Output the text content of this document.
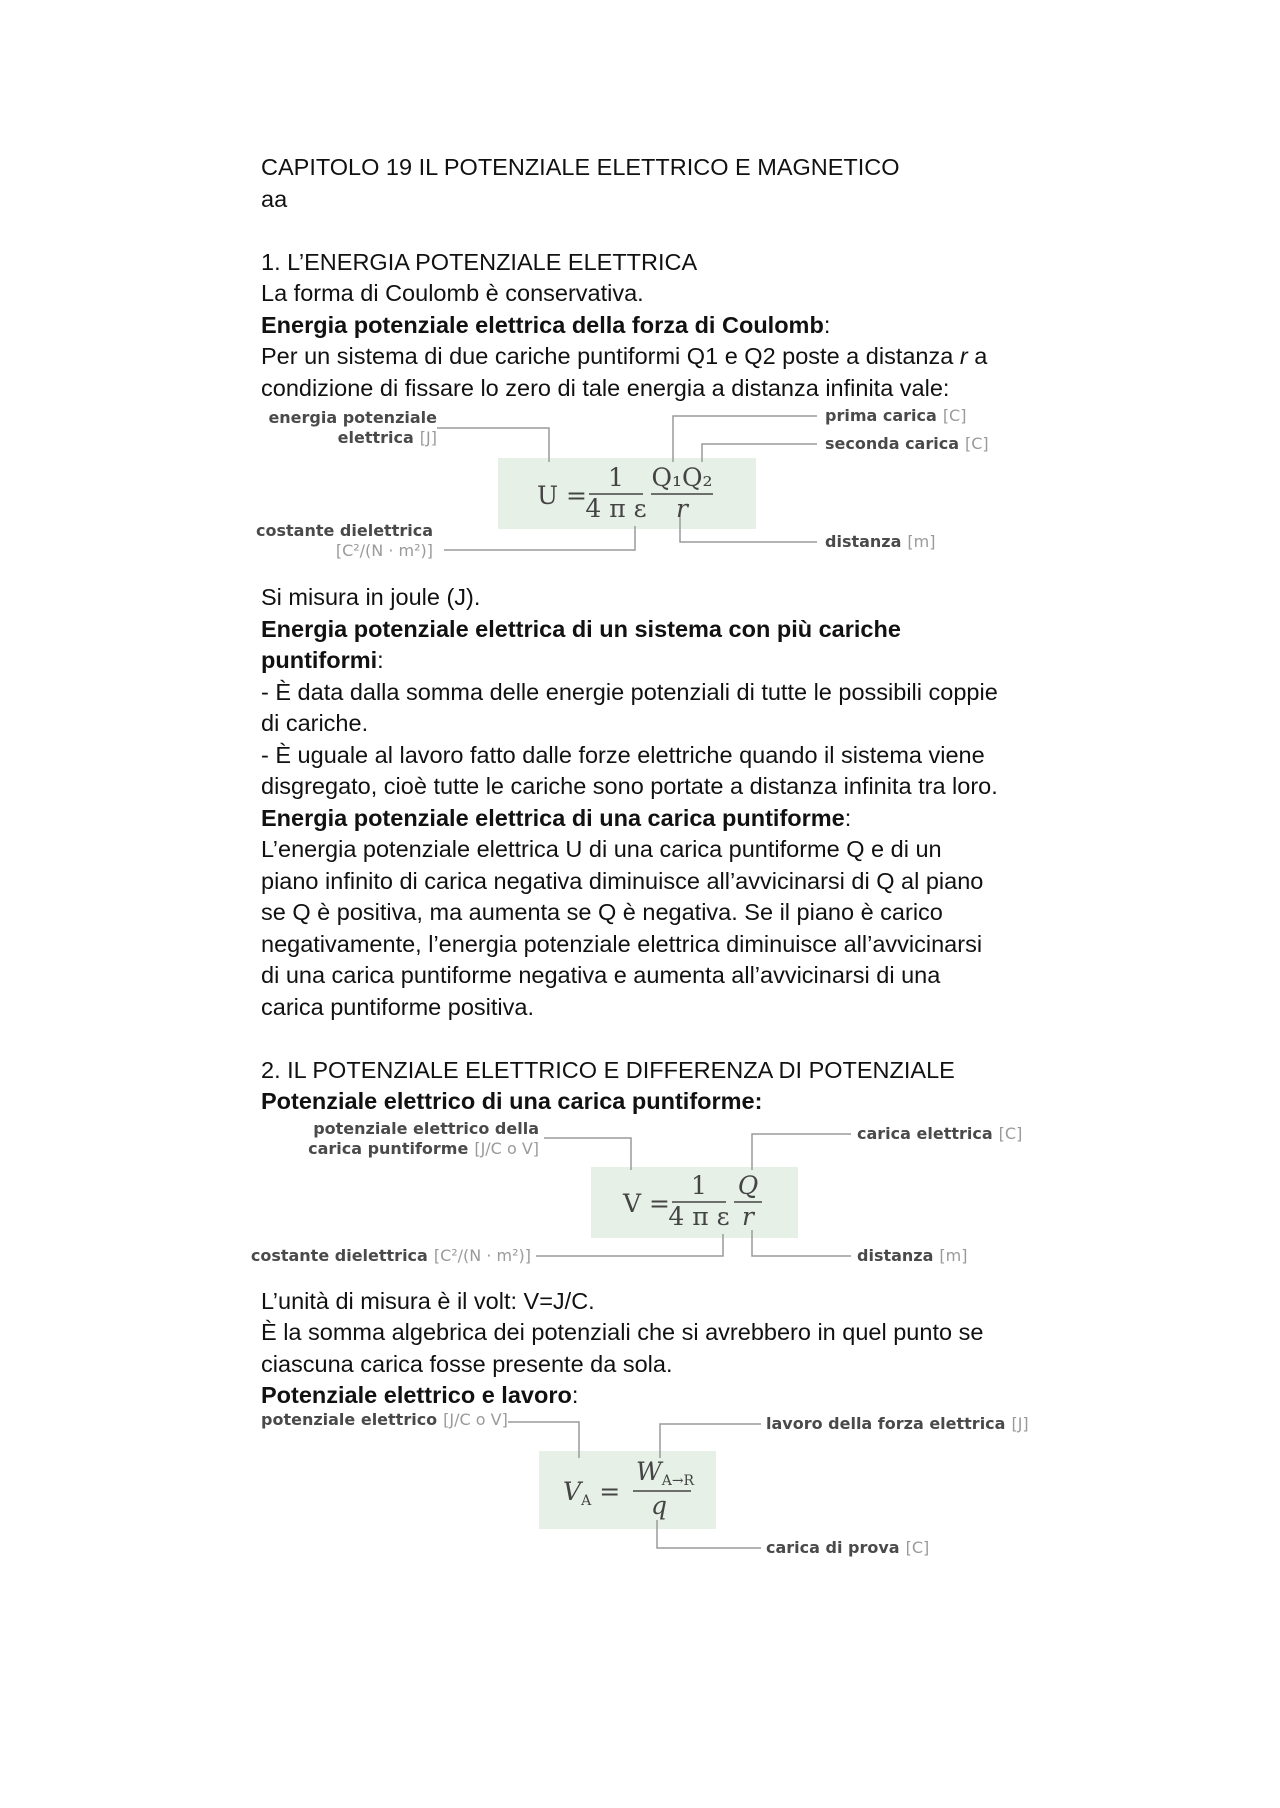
CAPITOLO 19 IL POTENZIALE ELETTRICO E MAGNETICO
aa
1. L’ENERGIA POTENZIALE ELETTRICA
La forma di Coulomb è conservativa.
Energia potenziale elettrica della forza di Coulomb:
Per un sistema di due cariche puntiformi Q1 e Q2 poste a distanza r a
condizione di fissare lo zero di tale energia a distanza infinita vale:
energia potenziale
elettrica [J]
prima carica [C]
seconda carica [C]
costante dielettrica
[C²/(N · m²)]	distanza [m]
U =
1
4 π ε
Q₁Q₂
r
Si misura in joule (J).
Energia potenziale elettrica di un sistema con più cariche
puntiformi:
- È data dalla somma delle energie potenziali di tutte le possibili coppie
di cariche.
- È uguale al lavoro fatto dalle forze elettriche quando il sistema viene
disgregato, cioè tutte le cariche sono portate a distanza infinita tra loro.
Energia potenziale elettrica di una carica puntiforme:
L’energia potenziale elettrica U di una carica puntiforme Q e di un
piano infinito di carica negativa diminuisce all’avvicinarsi di Q al piano
se Q è positiva, ma aumenta se Q è negativa. Se il piano è carico
negativamente, l’energia potenziale elettrica diminuisce all’avvicinarsi
di una carica puntiforme negativa e aumenta all’avvicinarsi di una
carica puntiforme positiva.
2. IL POTENZIALE ELETTRICO E DIFFERENZA DI POTENZIALE
Potenziale elettrico di una carica puntiforme:
potenziale elettrico della
carica puntiforme [J/C o V]
carica elettrica [C]
costante dielettrica [C²/(N · m²)]	distanza [m]
V =
1
4 π ε
Q
r
L’unità di misura è il volt: V=J/C.
È la somma algebrica dei potenziali che si avrebbero in quel punto se
ciascuna carica fosse presente da sola.
Potenziale elettrico e lavoro:
potenziale elettrico [J/C o V]	lavoro della forza elettrica [J]
carica di prova [C]
$V_A$ =
$W_{A\to R}$
q
